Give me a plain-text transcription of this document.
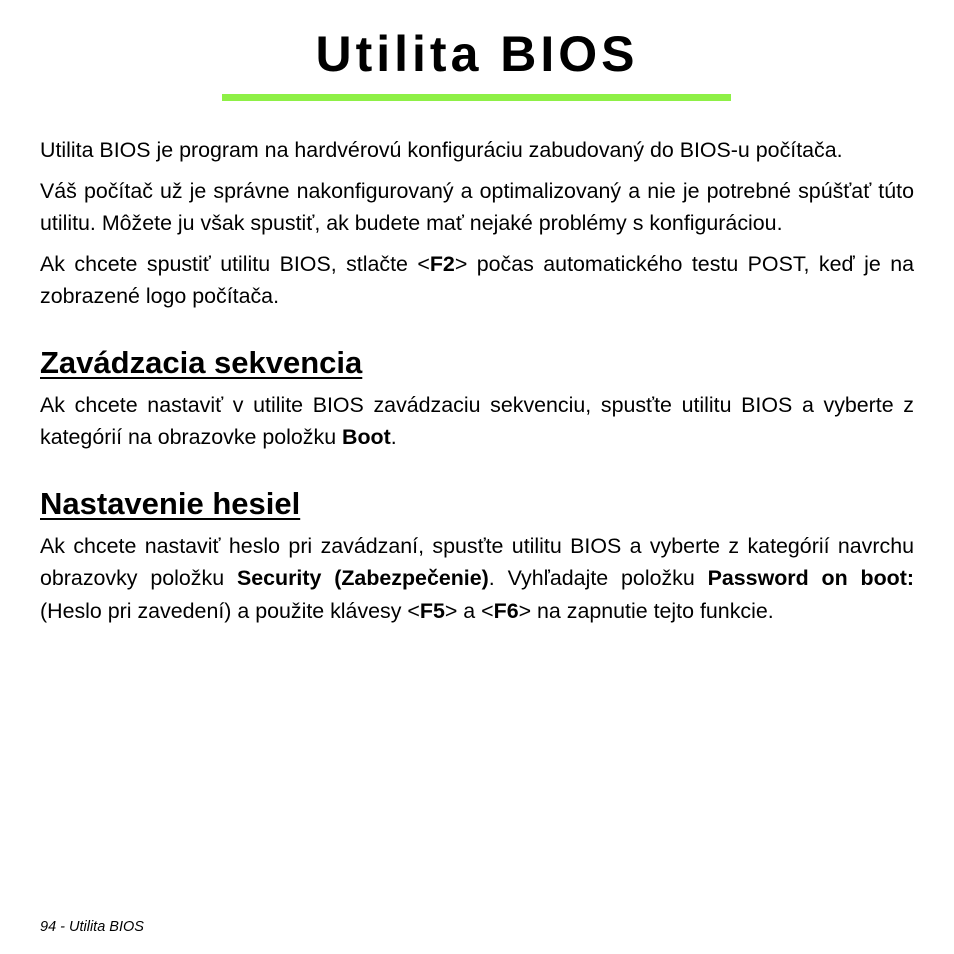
Utilita BIOS

Utilita BIOS je program na hardvérovú konfiguráciu zabudovaný do BIOS-u počítača.

Váš počítač už je správne nakonfigurovaný a optimalizovaný a nie je potrebné spúšťať túto utilitu. Môžete ju však spustiť, ak budete mať nejaké problémy s konfiguráciou.

Ak chcete spustiť utilitu BIOS, stlačte <F2> počas automatického testu POST, keď je na zobrazené logo počítača.

Zavádzacia sekvencia

Ak chcete nastaviť v utilite BIOS zavádzaciu sekvenciu, spusťte utilitu BIOS a vyberte z kategórií na obrazovke položku Boot.

Nastavenie hesiel

Ak chcete nastaviť heslo pri zavádzaní, spusťte utilitu BIOS a vyberte z kategórií navrchu obrazovky položku Security (Zabezpečenie). Vyhľadajte položku Password on boot: (Heslo pri zavedení) a použite klávesy <F5> a <F6> na zapnutie tejto funkcie.

94 - Utilita BIOS
